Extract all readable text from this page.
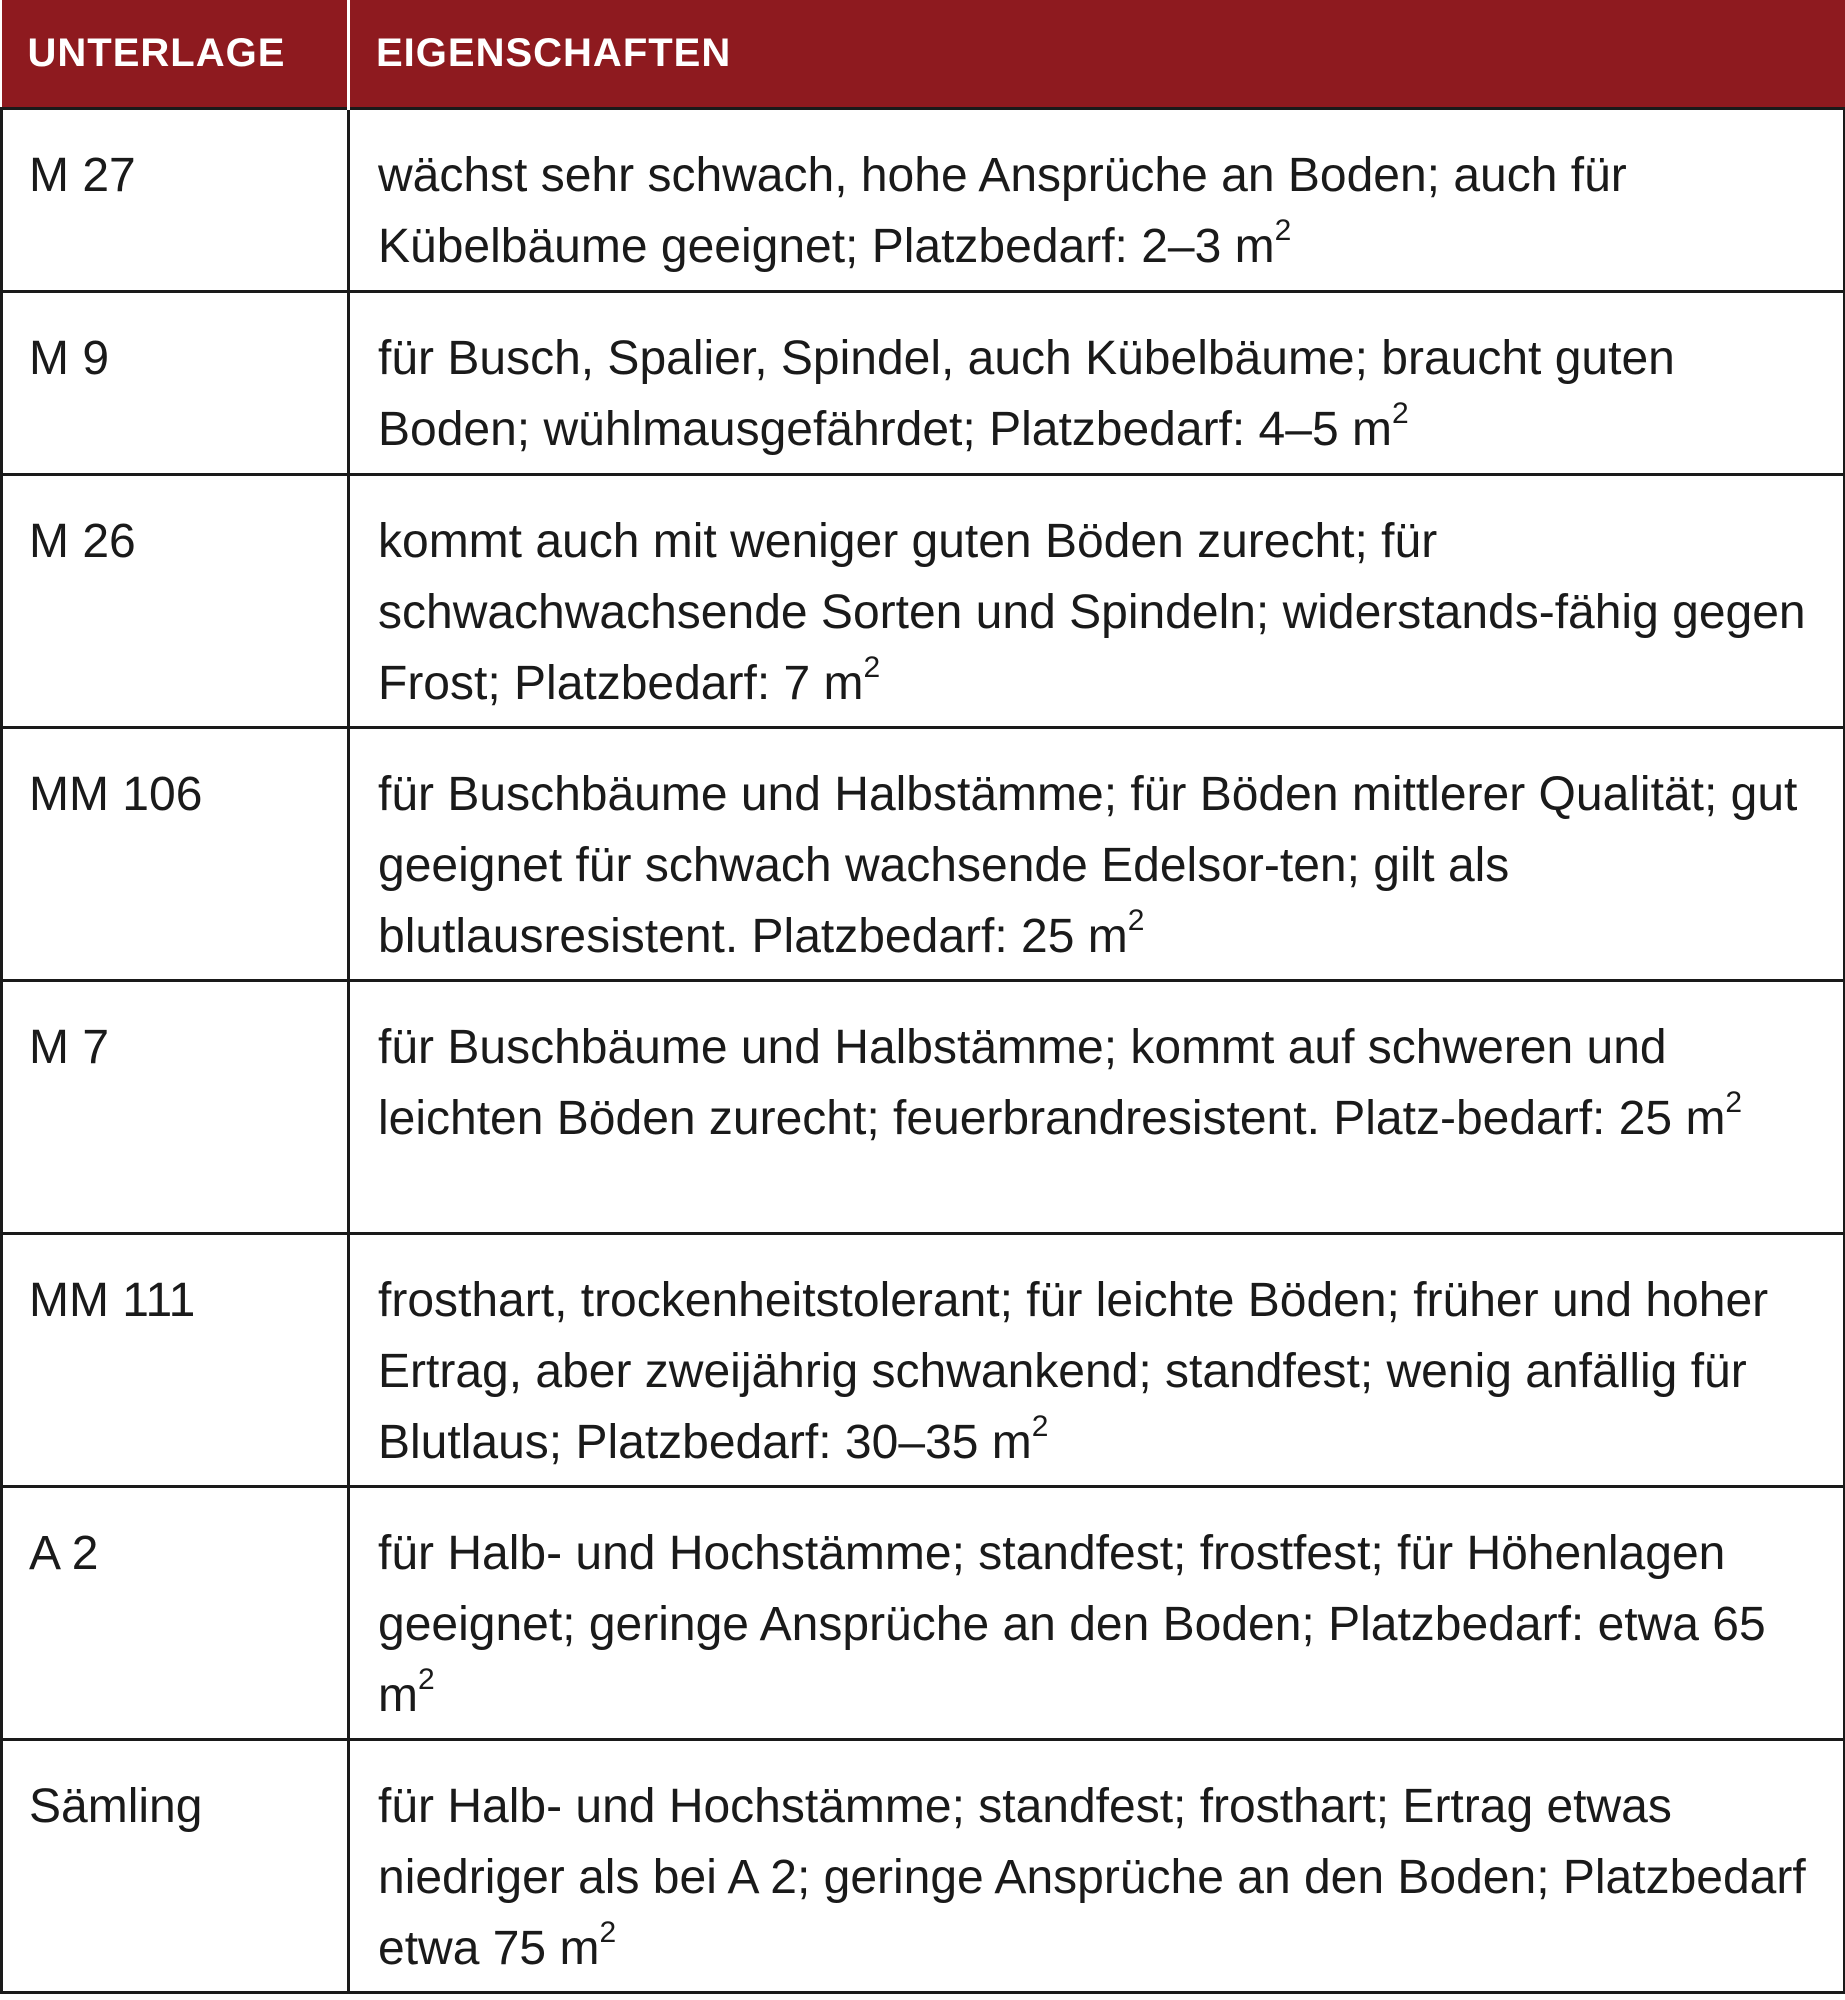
UNTERLAGE	EIGENSCHAFTEN
M 27	wächst sehr schwach, hohe Ansprüche an Boden; auch für Kübelbäume geeignet; Platzbedarf: 2–3 $m^2$
M 9	für Busch, Spalier, Spindel, auch Kübelbäume; braucht guten Boden; wühlmausgefährdet; Platzbedarf: 4–5 $m^2$
M 26	kommt auch mit weniger guten Böden zurecht; für schwachwachsende Sorten und Spindeln; widerstands-fähig gegen Frost; Platzbedarf: 7 $m^2$
MM 106	für Buschbäume und Halbstämme; für Böden mittlerer Qualität; gut geeignet für schwach wachsende Edelsor-ten; gilt als blutlausresistent. Platzbedarf: 25 $m^2$
M 7	für Buschbäume und Halbstämme; kommt auf schweren und leichten Böden zurecht; feuerbrandresistent. Platz-bedarf: 25 $m^2$
MM 111	frosthart, trockenheitstolerant; für leichte Böden; früher und hoher Ertrag, aber zweijährig schwankend; standfest; wenig anfällig für Blutlaus; Platzbedarf: 30–35 $m^2$
A 2	für Halb- und Hochstämme; standfest; frostfest; für Höhenlagen geeignet; geringe Ansprüche an den Boden; Platzbedarf: etwa 65 $m^2$
Sämling	für Halb- und Hochstämme; standfest; frosthart; Ertrag etwas niedriger als bei A 2; geringe Ansprüche an den Boden; Platzbedarf etwa 75 $m^2$
